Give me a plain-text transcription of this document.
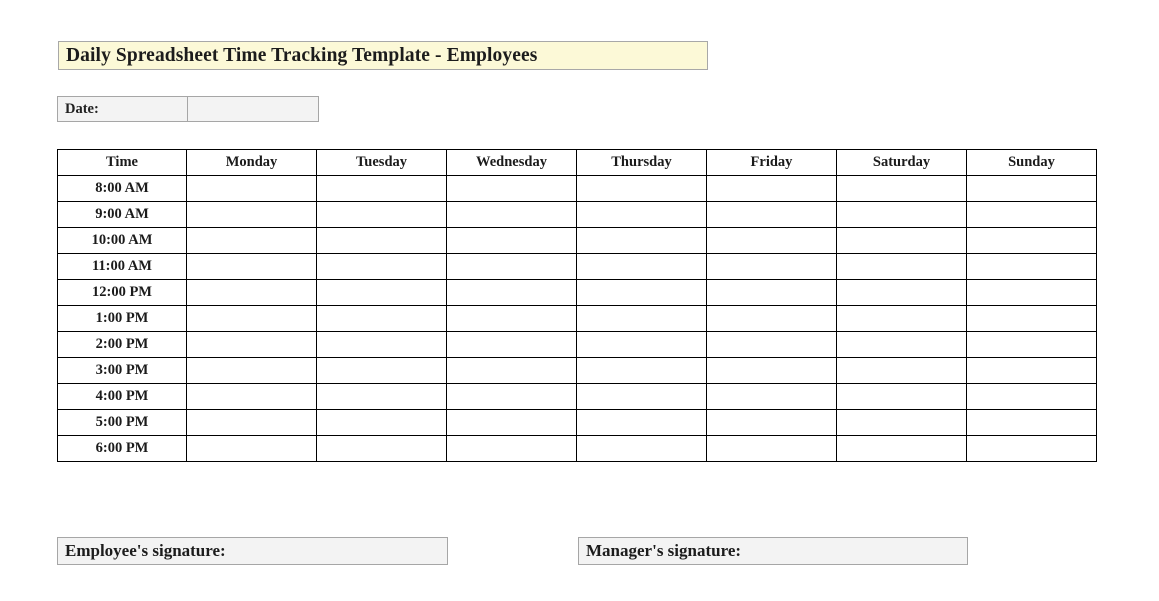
Daily Spreadsheet Time Tracking Template - Employees
Date:
Time	Monday	Tuesday	Wednesday	Thursday	Friday	Saturday	Sunday
8:00 AM							
9:00 AM							
10:00 AM							
11:00 AM							
12:00 PM							
1:00 PM							
2:00 PM							
3:00 PM							
4:00 PM							
5:00 PM							
6:00 PM							
Employee's signature:	Manager's signature:
